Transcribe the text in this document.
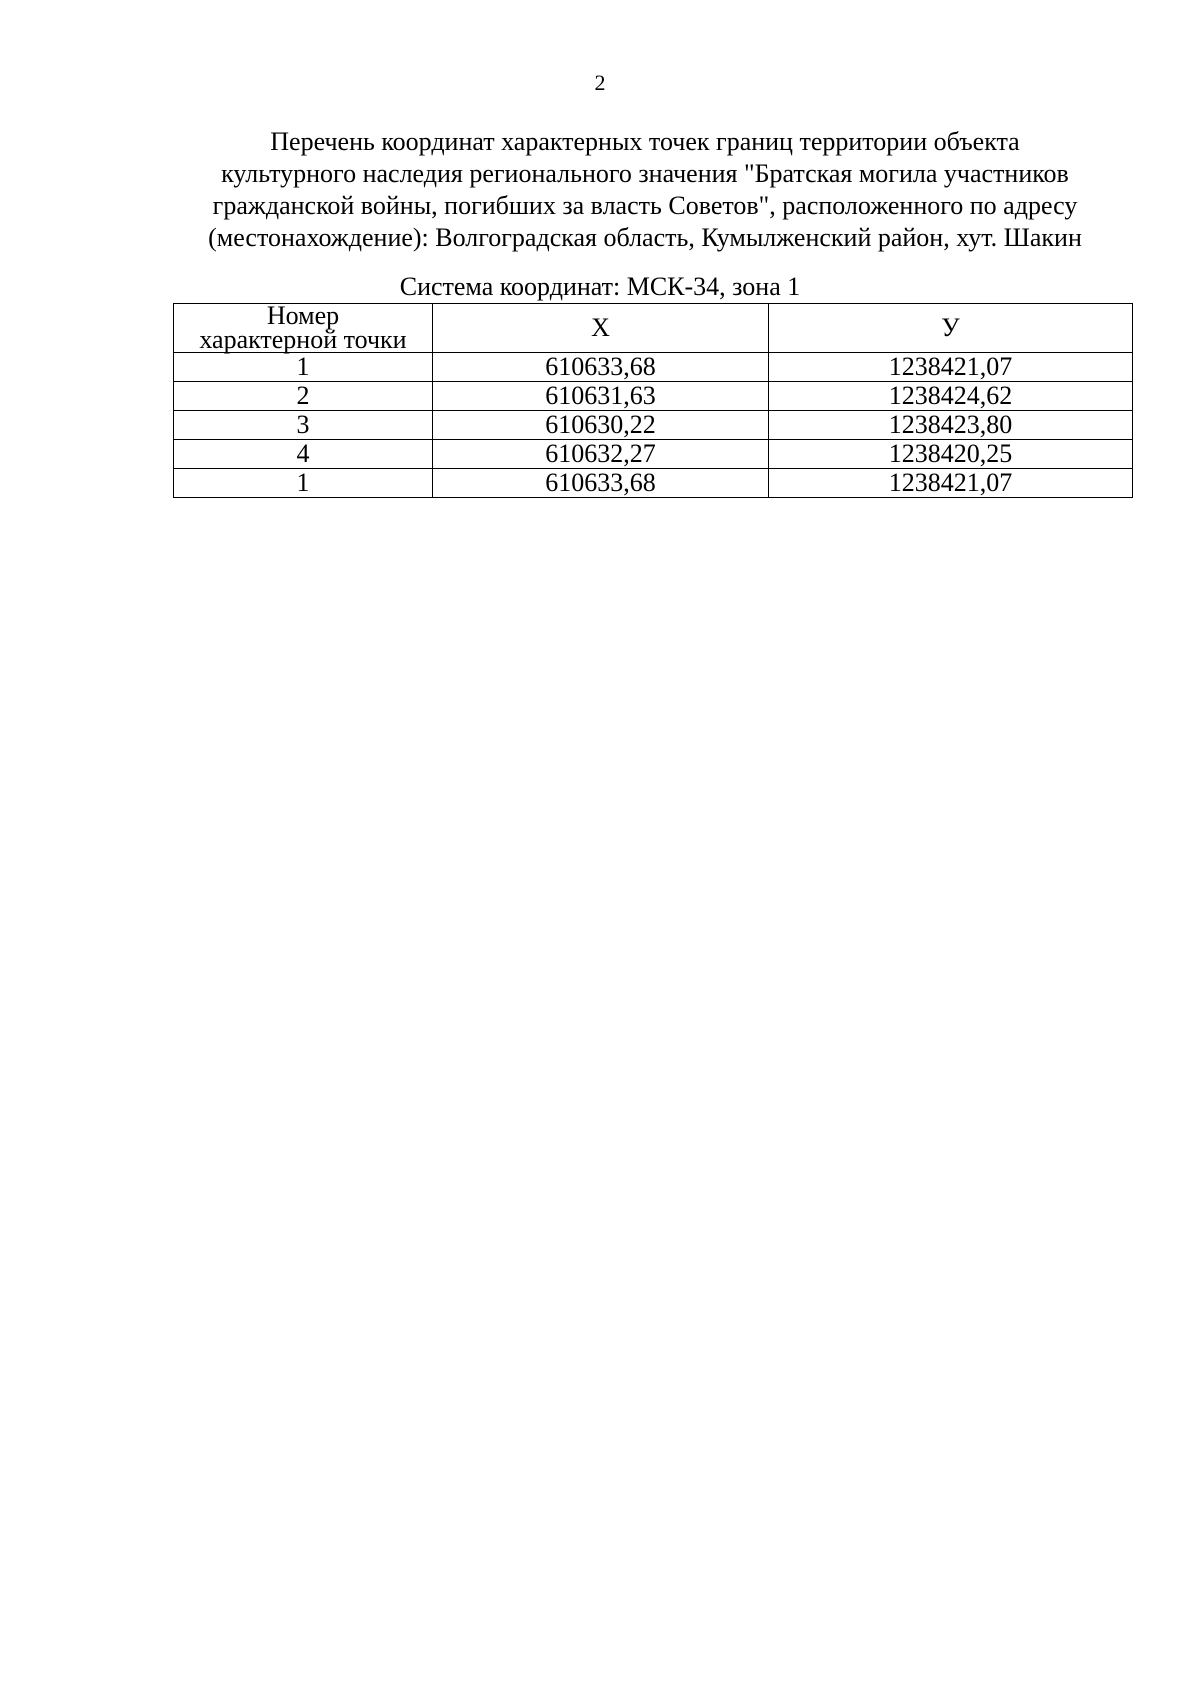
2
Перечень координат характерных точек границ территории объекта
культурного наследия регионального значения "Братская могила участников
гражданской войны, погибших за власть Советов", расположенного по адресу
(местонахождение): Волгоградская область, Кумылженский район, хут. Шакин
Система координат: МСК-34, зона 1
Номер
характерной точки	X	У
1	610633,68	1238421,07
2	610631,63	1238424,62
3	610630,22	1238423,80
4	610632,27	1238420,25
1	610633,68	1238421,07
